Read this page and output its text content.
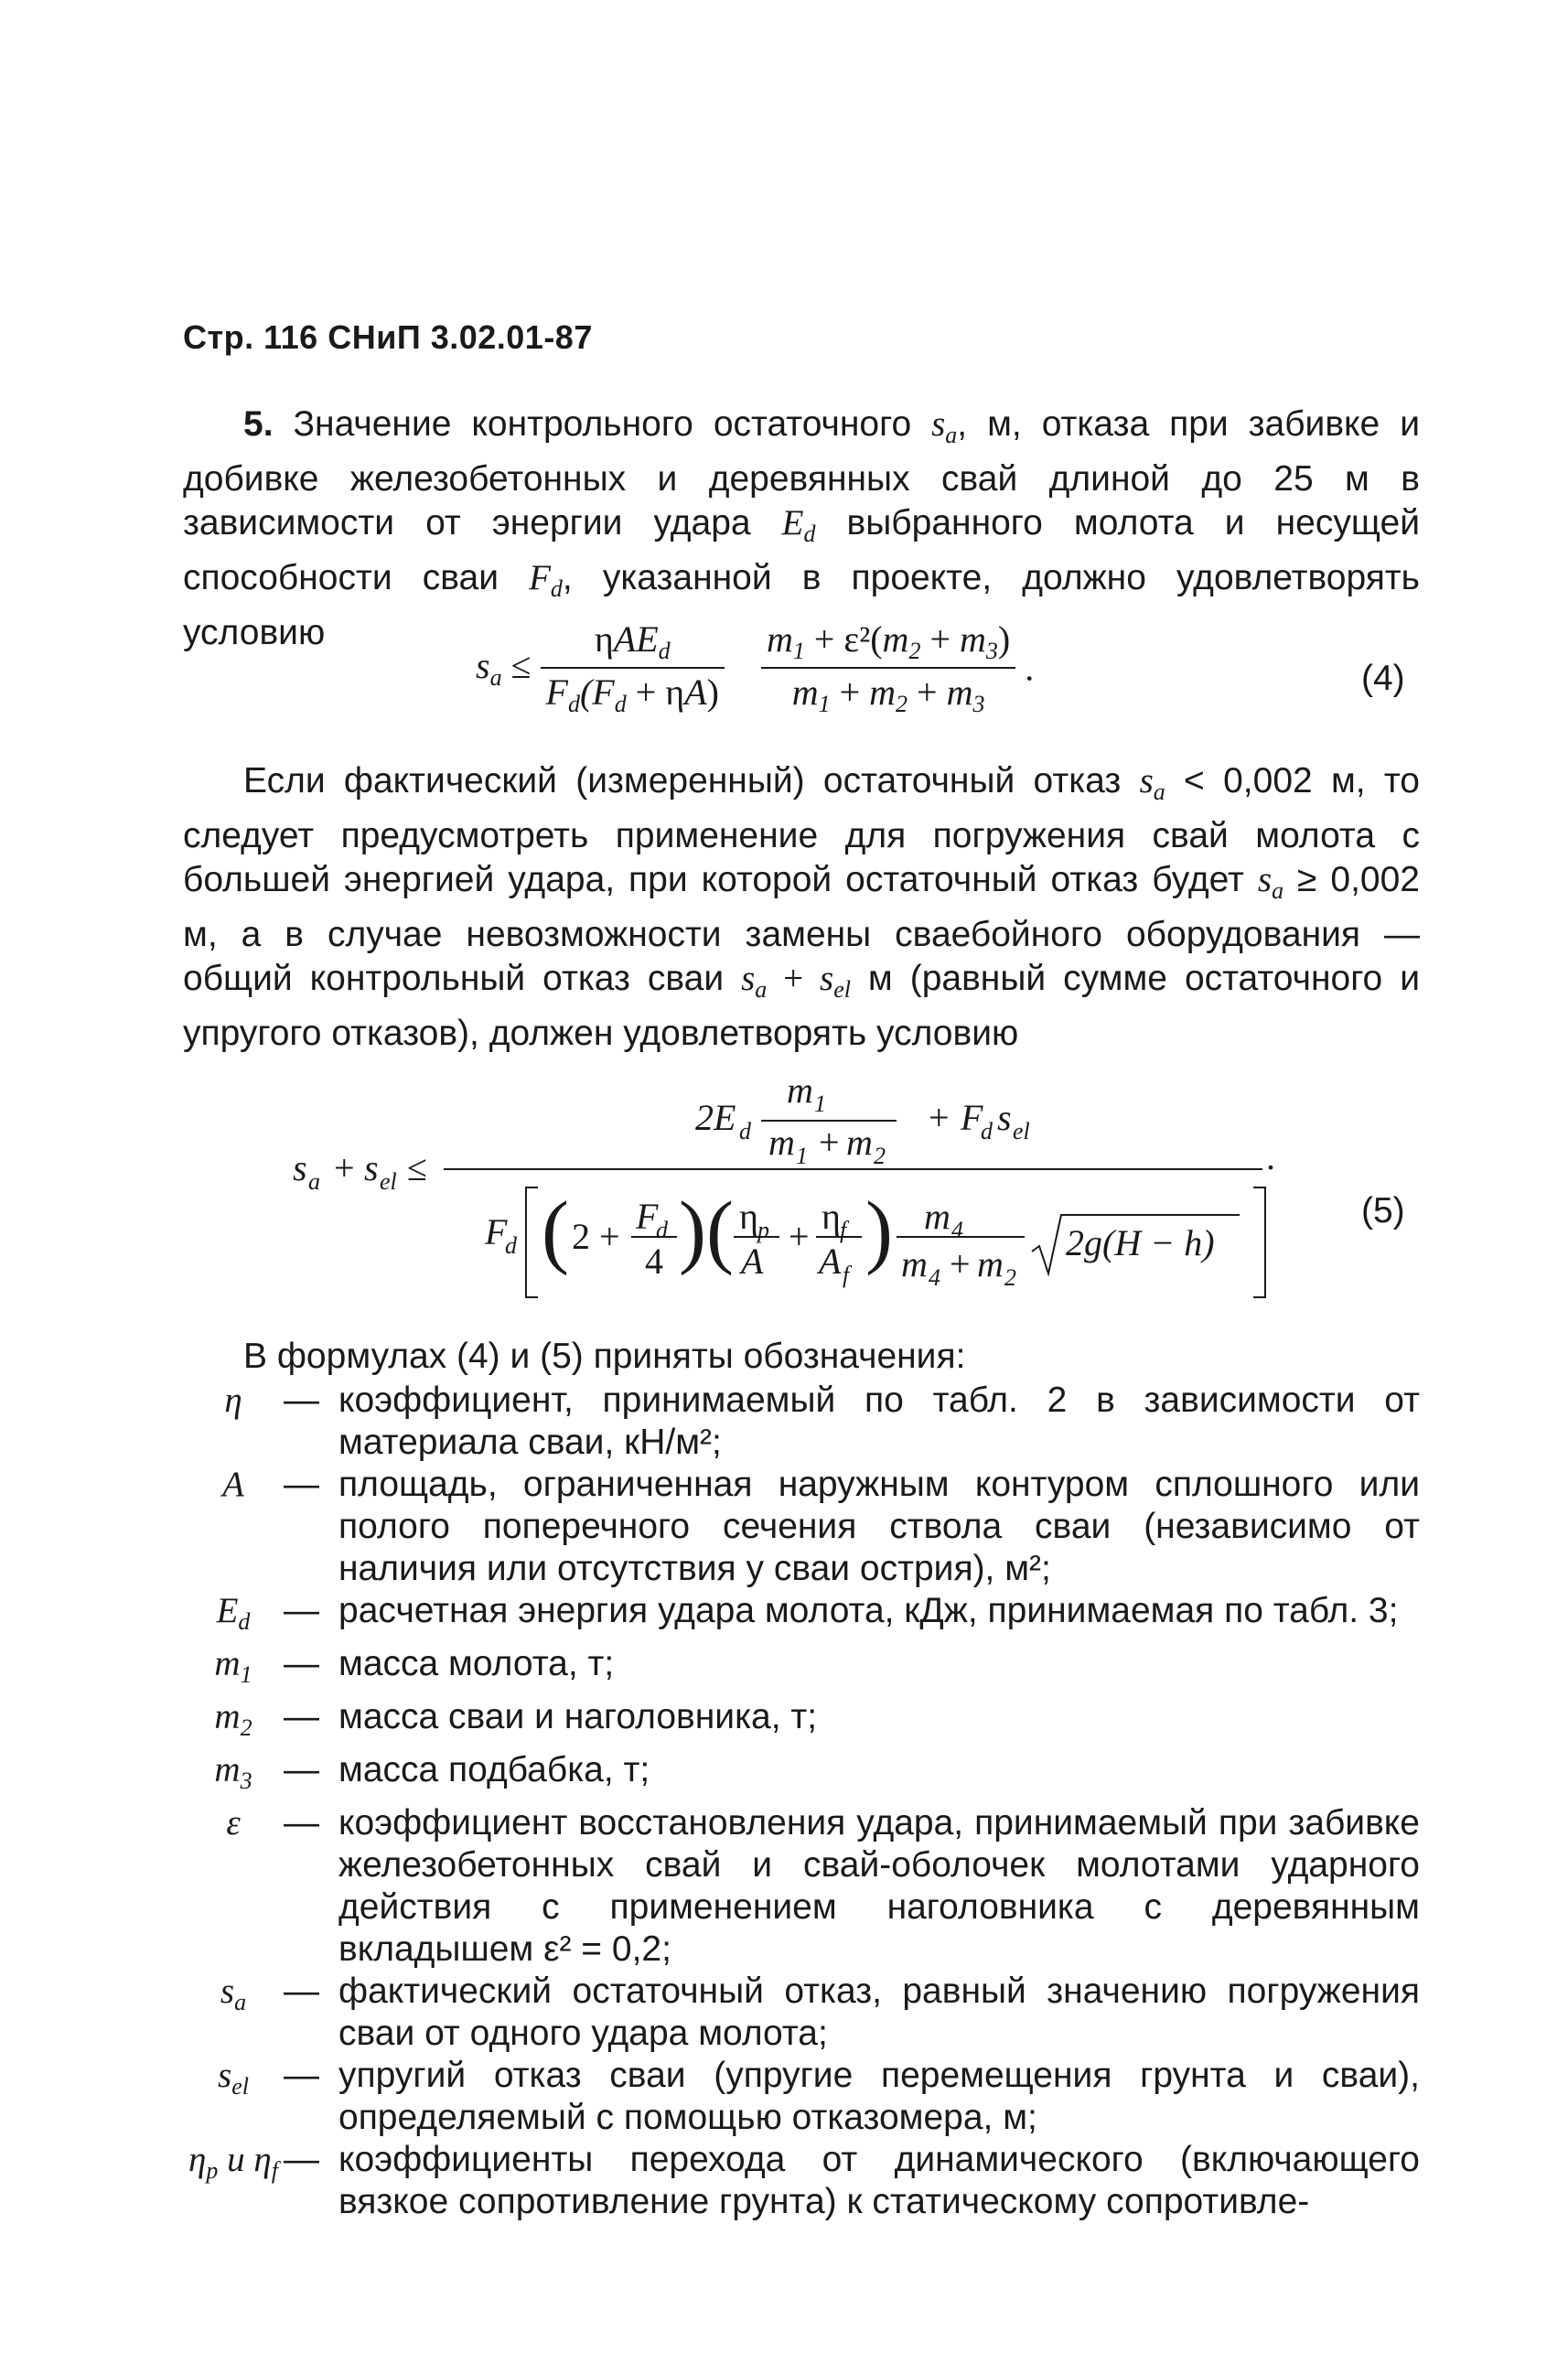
Стр. 116 СНиП 3.02.01-87
5. Значение контрольного остаточного $s_a$, м, отказа при забивке и добивке железобетонных и деревянных свай длиной до 25 м в зависимости от энергии удара $E_d$ выбранного молота и несущей способности сваи $F_d$, указанной в проекте, должно удовлетворять условию
$s_a \le \frac{\eta AE_d}{F_d(F_d + \eta A)}$
$\frac{m_1 + \varepsilon^2(m_2 + m_3)}{m_1 + m_2 + m_3}$ .	(4)
Если фактический (измеренный) остаточный отказ $s_a < 0,002$ м, то следует предусмотреть применение для погружения свай молота с большей энергией удара, при которой остаточный отказ будет $s_a \ge 0,002$ м, а в случае невозможности замены сваебойного оборудования — общий контрольный отказ сваи $s_a + s_{el}$ м (равный сумме остаточного и упругого отказов), должен удовлетворять условию
s a + s el ≤	.
2E d
m 1
m 1 + m 2
+ F
d s el
F
d ( 2 + F
d
4 ) ( η p
A
+ η f
A f ) m 4
m 4 + m 2
2g(H − h)
(5)
В формулах (4) и (5) приняты обозначения:
η	— коэффициент, принимаемый по табл. 2 в зависимости от материала сваи, кН/м²;
A	— площадь, ограниченная наружным контуром сплошного или полого поперечного сечения ствола сваи (независимо от наличия или отсутствия у сваи острия), м²;
$E_d$ — расчетная энергия удара молота, кДж, принимаемая по табл. 3;
$m_1$ — масса молота, т;
$m_2$ — масса сваи и наголовника, т;
$m_3$ — масса подбабка, т;
ε	— коэффициент восстановления удара, принимаемый при забивке железобетонных свай и свай-оболочек молотами ударного действия с применением наголовника с деревянным вкладышем ε² = 0,2;
$s_a$	— фактический остаточный отказ, равный значению погружения сваи от одного удара молота;
$s_{el}$ — упругий отказ сваи (упругие перемещения грунта и сваи), определяемый с помощью отказомера, м;
$\eta_p$ и $\eta_f$ — коэффициенты перехода от динамического (включающего вязкое сопротивление грунта) к статическому сопротивле-
